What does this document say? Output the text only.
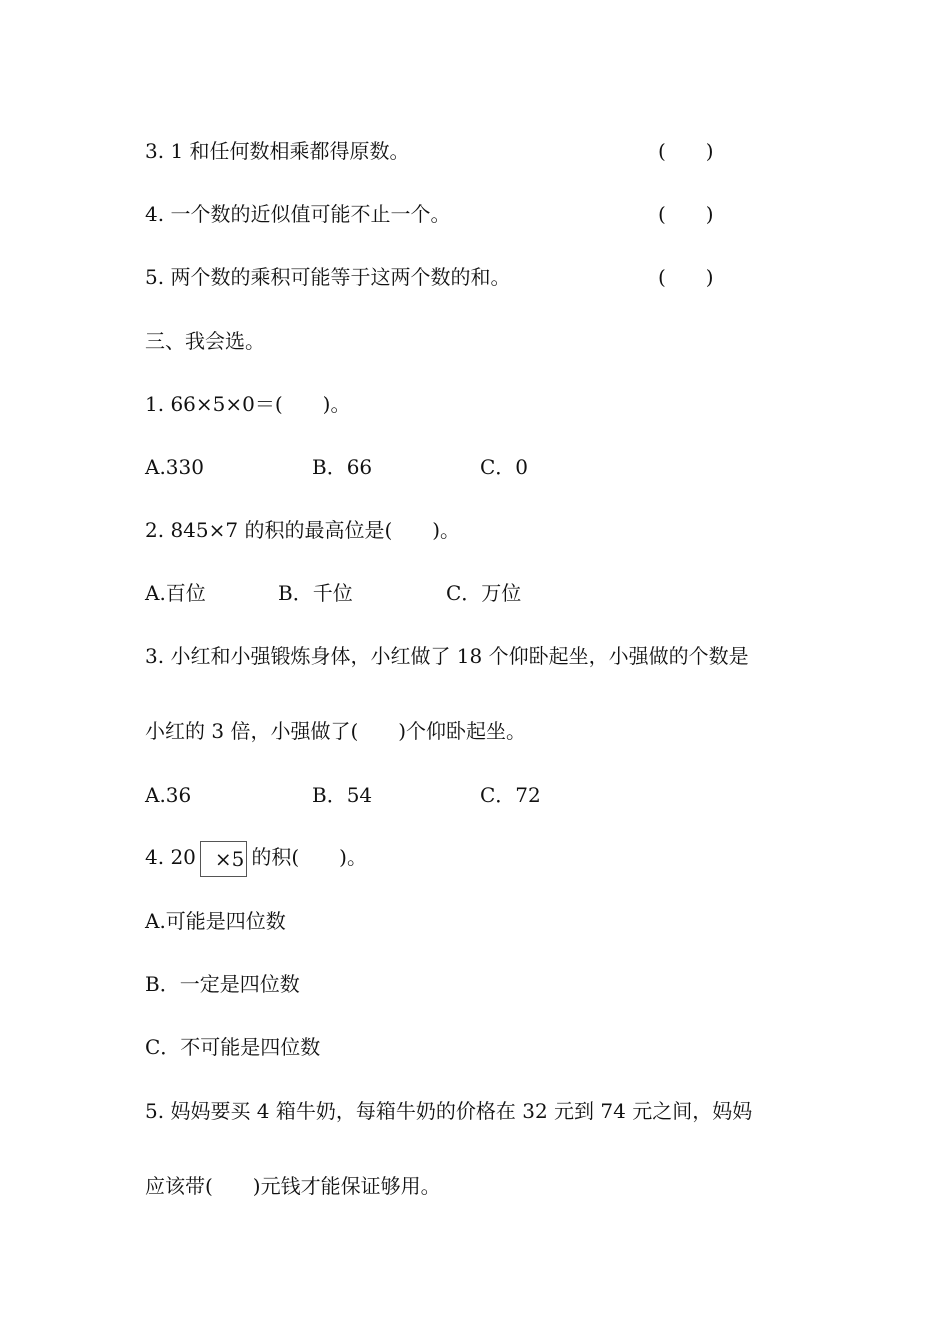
3. 1 和任何数相乘都得原数。	(　　)
4. 一个数的近似值可能不止一个。	(　　)
5. 两个数的乘积可能等于这两个数的和。	(　　)
三、我会选。
1. 66×5×0＝(　　)。
A.330	B．66	C．0
2. 845×7 的积的最高位是(　　)。
A.百位	B．千位	C．万位
3. 小红和小强锻炼身体，小红做了 18 个仰卧起坐，小强做的个数是
小红的 3 倍，小强做了(　　)个仰卧起坐。
A.36	B．54	C．72
4. 20 ×5 的积(　　)。
A.可能是四位数
B．一定是四位数
C．不可能是四位数
5. 妈妈要买 4 箱牛奶，每箱牛奶的价格在 32 元到 74 元之间，妈妈
应该带(　　)元钱才能保证够用。
